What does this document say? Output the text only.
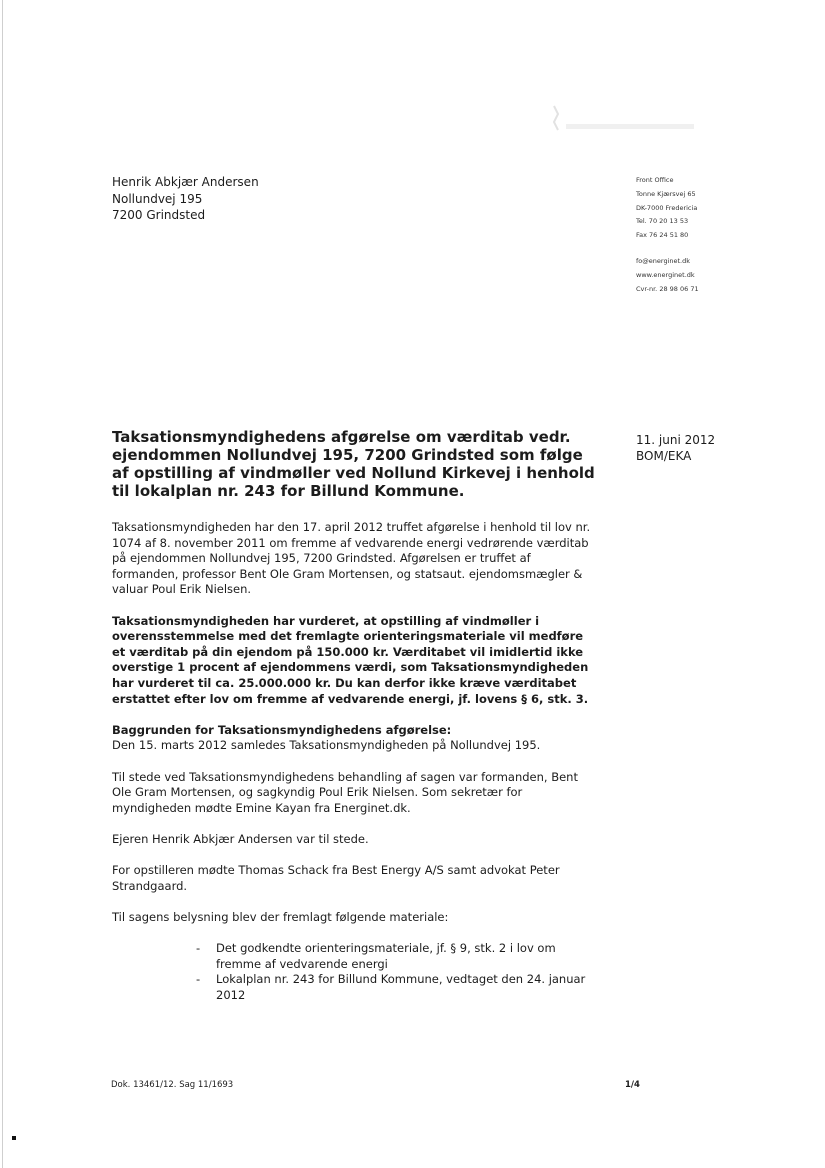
Henrik Abkjær Andersen
Nollundvej 195
7200 Grindsted
Front Office
Tonne Kjærsvej 65
DK-7000 Fredericia
Tel. 70 20 13 53
Fax 76 24 51 80
fo@energinet.dk
www.energinet.dk
Cvr-nr. 28 98 06 71
Taksationsmyndighedens afgørelse om værditab vedr. ejendommen Nollundvej 195, 7200 Grindsted som følge af opstilling af vindmøller ved Nollund Kirkevej i henhold til lokalplan nr. 243 for Billund Kommune.
11. juni 2012
BOM/EKA

Taksationsmyndigheden har den 17. april 2012 truffet afgørelse i henhold til lov nr. 1074 af 8. november 2011 om fremme af vedvarende energi vedrørende værditab på ejendommen Nollundvej 195, 7200 Grindsted. Afgørelsen er truffet af formanden, professor Bent Ole Gram Mortensen, og statsaut. ejendomsmægler & valuar Poul Erik Nielsen.

Taksationsmyndigheden har vurderet, at opstilling af vindmøller i overensstemmelse med det fremlagte orienteringsmateriale vil medføre et værditab på din ejendom på 150.000 kr. Værditabet vil imidlertid ikke overstige 1 procent af ejendommens værdi, som Taksationsmyndigheden har vurderet til ca. 25.000.000 kr. Du kan derfor ikke kræve værditabet erstattet efter lov om fremme af vedvarende energi, jf. lovens § 6, stk. 3.

Baggrunden for Taksationsmyndighedens afgørelse:

Den 15. marts 2012 samledes Taksationsmyndigheden på Nollundvej 195.

Til stede ved Taksationsmyndighedens behandling af sagen var formanden, Bent Ole Gram Mortensen, og sagkyndig Poul Erik Nielsen. Som sekretær for myndigheden mødte Emine Kayan fra Energinet.dk.

Ejeren Henrik Abkjær Andersen var til stede.

For opstilleren mødte Thomas Schack fra Best Energy A/S samt advokat Peter Strandgaard.

Til sagens belysning blev der fremlagt følgende materiale:

- Det godkendte orienteringsmateriale, jf. § 9, stk. 2 i lov om fremme af vedvarende energi
- Lokalplan nr. 243 for Billund Kommune, vedtaget den 24. januar 2012
Dok. 13461/12. Sag 11/1693	1/4
